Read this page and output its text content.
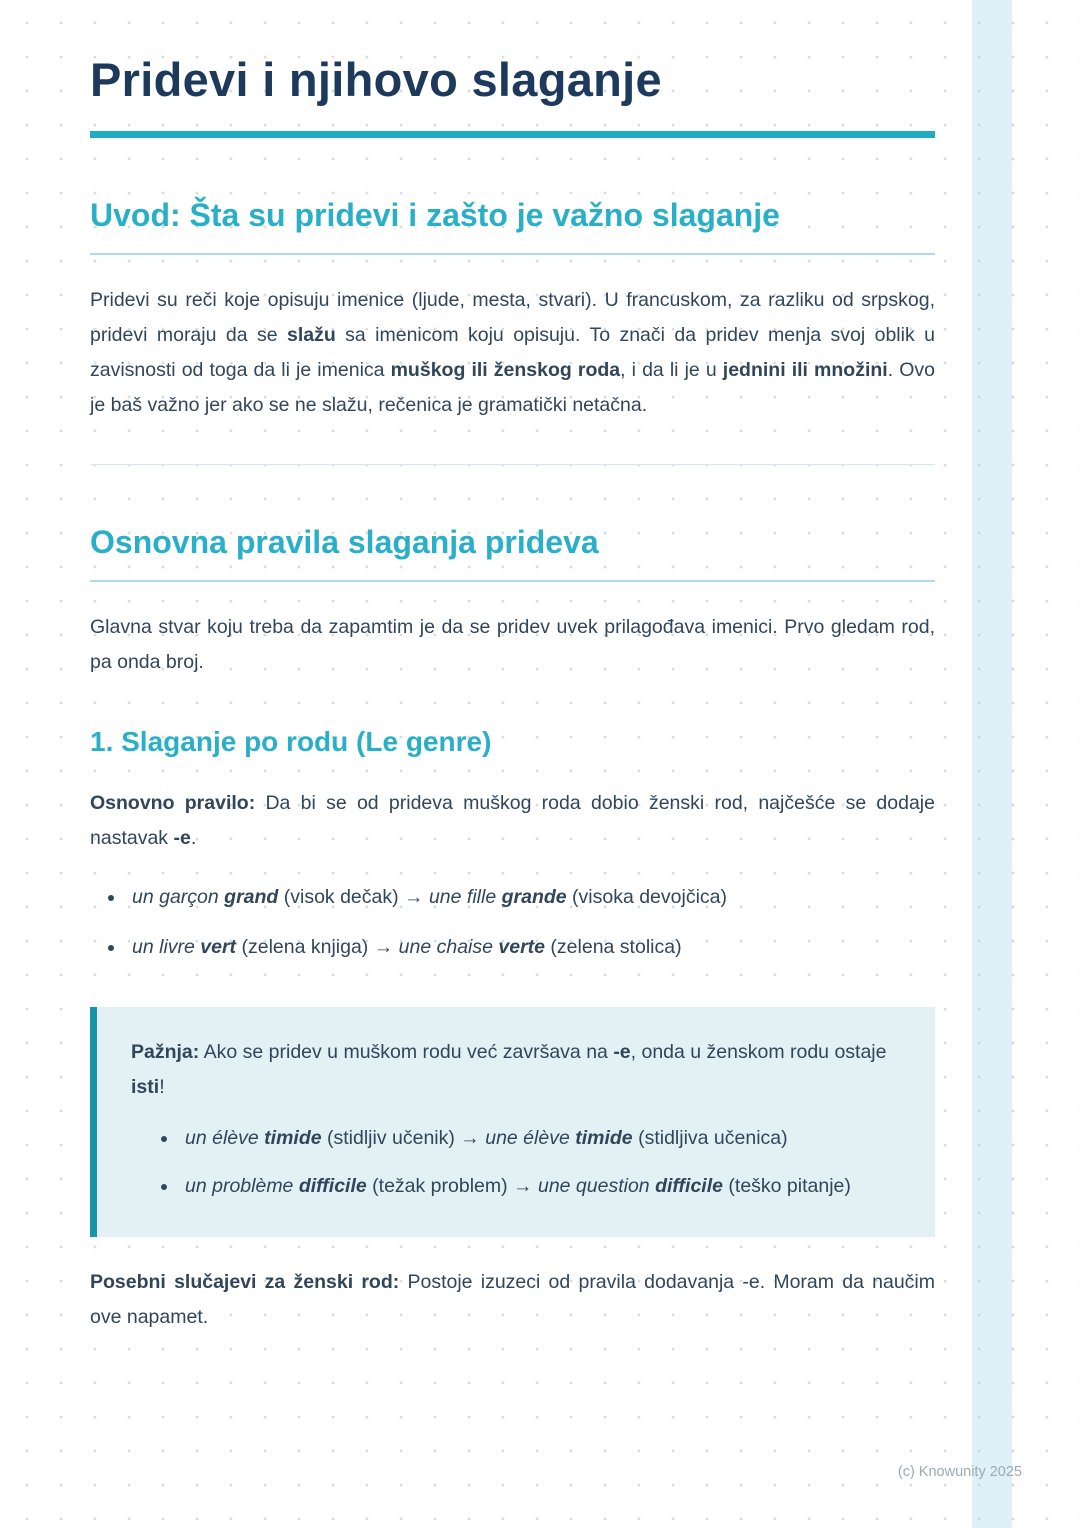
Pridevi i njihovo slaganje
Uvod: Šta su pridevi i zašto je važno slaganje

Pridevi su reči koje opisuju imenice (ljude, mesta, stvari). U francuskom, za razliku od srpskog, pridevi moraju da se slažu sa imenicom koju opisuju. To znači da pridev menja svoj oblik u zavisnosti od toga da li je imenica muškog ili ženskog roda, i da li je u jednini ili množini. Ovo je baš važno jer ako se ne slažu, rečenica je gramatički netačna.

Osnovna pravila slaganja prideva

Glavna stvar koju treba da zapamtim je da se pridev uvek prilagođava imenici. Prvo gledam rod, pa onda broj.

1. Slaganje po rodu (Le genre)

Osnovno pravilo: Da bi se od prideva muškog roda dobio ženski rod, najčešće se dodaje nastavak -e.

• un garçon grand (visok dečak) → une fille grande (visoka devojčica)
• un livre vert (zelena knjiga) → une chaise verte (zelena stolica)

Pažnja: Ako se pridev u muškom rodu već završava na -e, onda u ženskom rodu ostaje isti!

• un élève timide (stidljiv učenik) → une élève timide (stidljiva učenica)
• un problème difficile (težak problem) → une question difficile (teško pitanje)

Posebni slučajevi za ženski rod: Postoje izuzeci od pravila dodavanja -e. Moram da naučim ove napamet.

(c) Knowunity 2025
